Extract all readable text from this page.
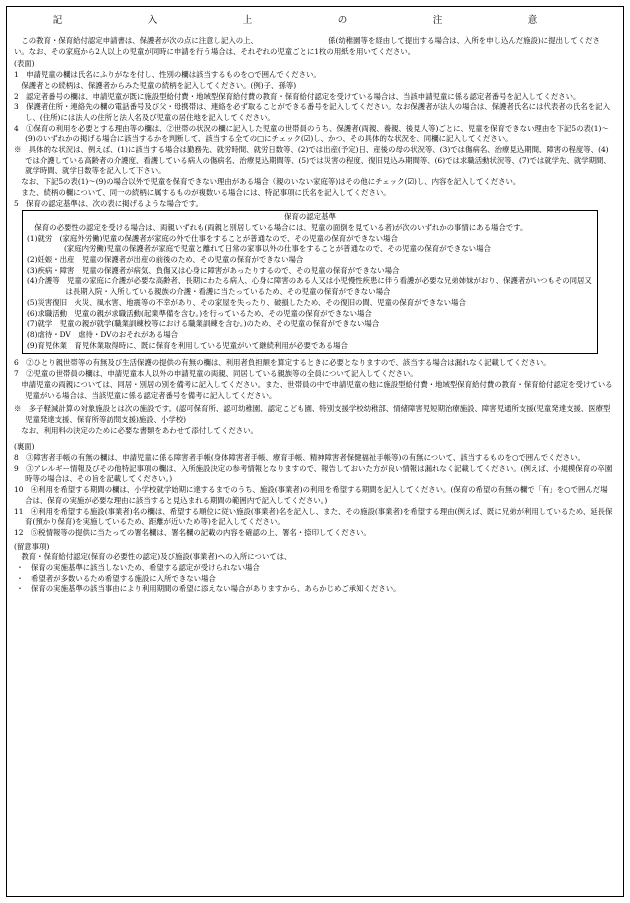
記　入　上　の　注　意

この教育・保育給付認定申請書は、保護者が次の点に注意し記入の上、　　　　　　　　　　係(幼稚園等を経由して提出する場合は、入所を申し込んだ施設)に提出してください。なお、その家庭から2人以上の児童が同時に申請を行う場合は、それぞれの児童ごとに1枚の用紙を用いてください。

(表面)

1　申請児童の欄は氏名にふりがなを付し、性別の欄は該当するものを○で囲んでください。

　保護者との続柄は、保護者からみた児童の続柄を記入してください。(例)子、孫等)

2　認定者番号の欄は、申請児童が既に施設型給付費・地域型保育給付費の教育・保育給付認定を受けている場合は、当該申請児童に係る認定者番号を記入してください。

3　保護者住所・連絡先の欄の電話番号及び父・母携帯は、連絡を必ず取ることができる番号を記入してください。なお保護者が法人の場合は、保護者氏名には代表者の氏名を記入し、(住所)には法人の住所と法人名及び児童の居住地を記入してください。

4　①保育の利用を必要とする理由等の欄は、②世帯の状況の欄に記入した児童の世帯員のうち、保護者(両親、養親、後見人等)ごとに、児童を保育できない理由を下記5の表(1)～(9)のいずれかの掲げる場合に該当するかを判断して、該当する全ての□にチェック(☑)し、かつ、その具体的な状況を、同欄に記入してください。

※　具体的な状況は、例えば、(1)に該当する場合は勤務先、就労時間、就労日数等、(2)では出産(予定)日、産後の母の状況等、(3)では傷病名、治療見込期間、障害の程度等、(4)では介護している高齢者の介護度、看護している病人の傷病名、治療見込期間等、(5)では災害の程度、復旧見込み期間等、(6)では求職活動状況等、(7)では就学先、就学期間、就学時間、就学日数等を記入して下さい。

　なお、下記5の表(1)～(9)の場合以外で児童を保育できない理由がある場合（親のいない家庭等)はその他にチェック(☑)し、内容を記入してください。

　また、続柄の欄について、同一の続柄に属するものが複数いる場合には、特記事項に氏名を記入してください。

5　保育の認定基準は、次の表に掲げるような場合です。

保育の認定基準

保育の必要性の認定を受ける場合は、両親いずれも(両親と別居している場合には、児童の面倒を見ている者)が次のいずれかの事情にある場合です。

(1)就労　(家庭外労働)児童の保護者が家庭の外で仕事をすることが普通なので、その児童の保育ができない場合

　　　　　(家庭内労働)児童の保護者が家庭で児童と離れて日常の家事以外の仕事をすることが普通なので、その児童の保育ができない場合

(2)妊娠・出産　児童の保護者が出産の前後のため、その児童の保育ができない場合

(3)疾病・障害　児童の保護者が病気、負傷又は心身に障害があったりするので、その児童の保育ができない場合

(4)介護等　児童の家庭に介護が必要な高齢者、長期にわたる病人、心身に障害のある人又は小児慢性疾患に伴う看護が必要な兄弟姉妹がおり、保護者がいつもその同居又は長期入院・入所している親族の介護・看護に当たっているため、その児童の保育ができない場合

(5)災害復旧　火災、風水害、地震等の不幸があり、その家屋を失ったり、破損したため、その復旧の間、児童の保育ができない場合

(6)求職活動　児童の親が求職活動(起業準備を含む。)を行っているため、その児童の保育ができない場合

(7)就学　児童の親が就学(職業訓練校等における職業訓練を含む。)のため、その児童の保育ができない場合

(8)虐待・DV　虐待・DVのおそれがある場合

(9)育児休業　育児休業取得時に、既に保育を利用している児童がいて継続利用が必要である場合

6　②ひとり親世帯等の有無及び生活保護の提供の有無の欄は、利用者負担額を算定するときに必要となりますので、該当する場合は漏れなく記載してください。

7　②児童の世帯員の欄は、申請児童本人以外の申請児童の両親、同居している親族等の全員について記入してください。

　申請児童の両親については、同居・別居の別を備考に記入してください。また、世帯員の中で申請児童の他に施設型給付費・地域型保育給付費の教育・保育給付認定を受けている児童がいる場合は、当該児童に係る認定者番号を備考に記入してください。

※　多子軽減計算の対象施設とは次の施設です。(認可保育所、認可幼稚園、認定こども園、特別支援学校幼稚部、情緒障害児短期治療施設、障害児通所支援(児童発達支援、医療型児童発達支援、保育所等訪問支援)施設、小学校)

　なお、利用料の決定のために必要な書類をあわせて添付してください。

(裏面)

8　③障害者手帳の有無の欄は、申請児童に係る障害者手帳(身体障害者手帳、療育手帳、精神障害者保健福祉手帳等)の有無について、該当するものを○で囲んでください。

9　③アレルギー情報及びその他特記事項の欄は、入所施設決定の参考情報となりますので、報告しておいた方が良い情報は漏れなく記載してください。(例えば、小規模保育の卒園時等の場合は、その旨を記載してください。)

10　④利用を希望する期間の欄は、小学校就学始期に達するまでのうち、施設(事業者)の利用を希望する期間を記入してください。(保育の希望の有無の欄で「有」を○で囲んだ場合は、保育の実施が必要な理由に該当すると見込まれる期間の範囲内で記入してください。)

11　④利用を希望する施設(事業者)名の欄は、希望する順位に従い施設(事業者)名を記入し、また、その施設(事業者)を希望する理由(例えば、既に兄弟が利用しているため、延長保育(預かり保育)を実施しているため、距離が近いため等)を記入してください。

12　⑤税情報等の提供に当たっての署名欄は、署名欄の記載の内容を確認の上、署名・捺印してください。

(留意事項)

　教育・保育給付認定(保育の必要性の認定)及び施設(事業者)への入所については、

・　保育の実施基準に該当しないため、希望する認定が受けられない場合

・　希望者が多数いるため希望する施設に入所できない場合

・　保育の実施基準の該当事由により利用期間の希望に添えない場合がありますから、あらかじめご承知ください。
